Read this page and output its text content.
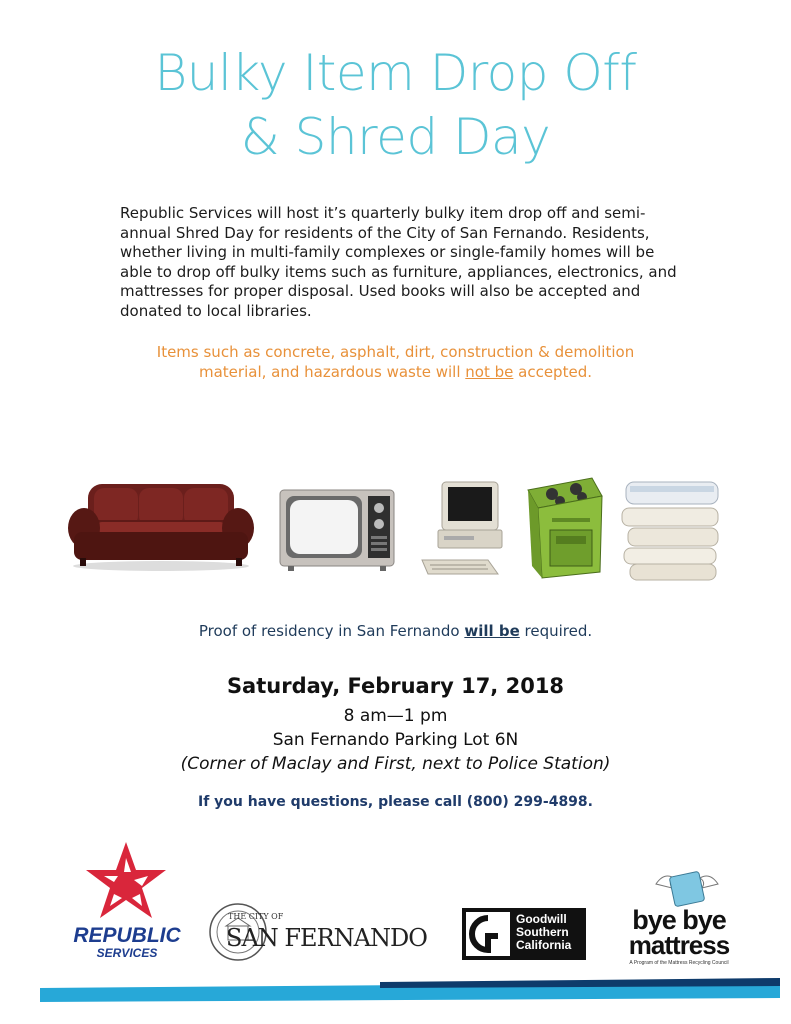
Bulky Item Drop Off
& Shred Day
Republic Services will host it’s quarterly bulky item drop off and semi-annual Shred Day for residents of the City of San Fernando. Residents, whether living in multi-family complexes or single-family homes will be able to drop off bulky items such as furniture, appliances, electronics, and mattresses for proper disposal. Used books will also be accepted and donated to local libraries.
Items such as concrete, asphalt, dirt, construction & demolition material, and hazardous waste will not be accepted.
Proof of residency in San Fernando will be required.
Saturday, February 17, 2018
8 am—1 pm
San Fernando Parking Lot 6N
(Corner of Maclay and First, next to Police Station)
If you have questions, please call (800) 299-4898.
REPUBLIC
SERVICES
THE CITY OF
SAN FERNANDO
Goodwill
Southern
California
bye bye
mattress
A Program of the Mattress Recycling Council
